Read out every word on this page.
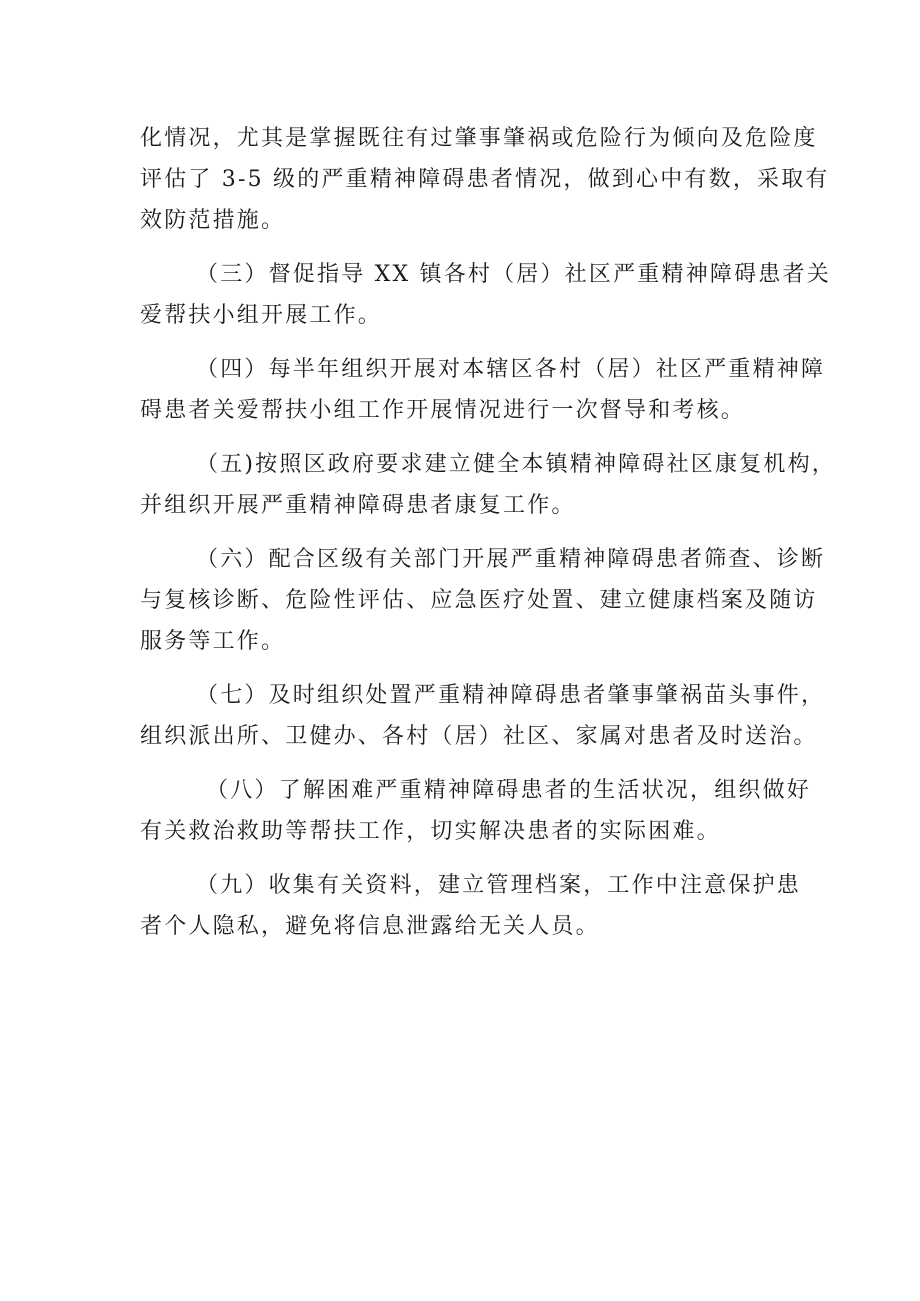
化情况，尤其是掌握既往有过肇事肇祸或危险行为倾向及危险度
评估了 3-5 级的严重精神障碍患者情况，做到心中有数，采取有
效防范措施。

（三）督促指导 XX 镇各村（居）社区严重精神障碍患者关
爱帮扶小组开展工作。

（四）每半年组织开展对本辖区各村（居）社区严重精神障
碍患者关爱帮扶小组工作开展情况进行一次督导和考核。

（五)按照区政府要求建立健全本镇精神障碍社区康复机构，
并组织开展严重精神障碍患者康复工作。

（六）配合区级有关部门开展严重精神障碍患者筛查、诊断
与复核诊断、危险性评估、应急医疗处置、建立健康档案及随访
服务等工作。

（七）及时组织处置严重精神障碍患者肇事肇祸苗头事件，
组织派出所、卫健办、各村（居）社区、家属对患者及时送治。

（八）了解困难严重精神障碍患者的生活状况，组织做好
有关救治救助等帮扶工作，切实解决患者的实际困难。

（九）收集有关资料，建立管理档案，工作中注意保护患
者个人隐私，避免将信息泄露给无关人员。
